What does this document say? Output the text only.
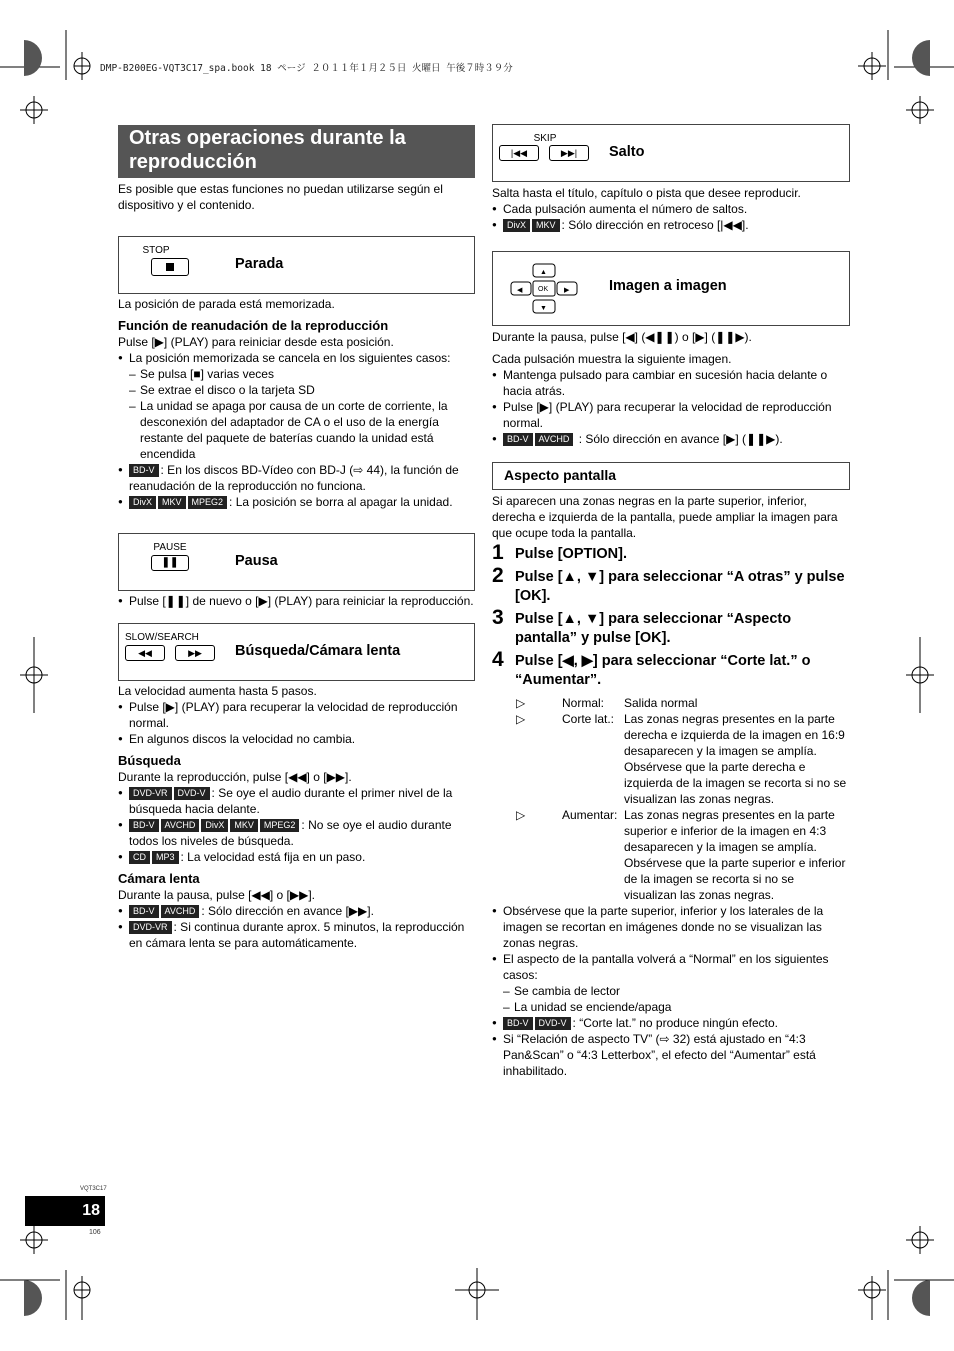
DMP-B200EG-VQT3C17_spa.book 18 ページ ２０１１年１月２５日 火曜日 午後７時３９分
Otras operaciones durante la reproducción

Es posible que estas funciones no puedan utilizarse según el dispositivo y el contenido.

STOP
Parada

La posición de parada está memorizada.

Función de reanudación de la reproducción

Pulse [▶] (PLAY) para reiniciar desde esta posición.

● La posición memorizada se cancela en los siguientes casos:
– Se pulsa [■] varias veces
– Se extrae el disco o la tarjeta SD
– La unidad se apaga por causa de un corte de corriente, la desconexión del adaptador de CA o el uso de la energía restante del paquete de baterías cuando la unidad está encendida
● BD-V : En los discos BD-Vídeo con BD-J (⇨ 44), la función de reanudación de la reproducción no funciona.
● DivX MKV MPEG2 : La posición se borra al apagar la unidad.
PAUSE
❚❚	Pausa
● Pulse [❚❚] de nuevo o [▶] (PLAY) para reiniciar la reproducción.
SLOW/SEARCH
◀◀	▶▶	Búsqueda/Cámara lenta

La velocidad aumenta hasta 5 pasos.

● Pulse [▶] (PLAY) para recuperar la velocidad de reproducción normal.
● En algunos discos la velocidad no cambia.
Búsqueda

Durante la reproducción, pulse [◀◀] o [▶▶].

● DVD-VR DVD-V : Se oye el audio durante el primer nivel de la búsqueda hacia delante.
● BD-V AVCHD DivX MKV MPEG2 : No se oye el audio durante todos los niveles de búsqueda.
● CD MP3 : La velocidad está fija en un paso.
Cámara lenta

Durante la pausa, pulse [◀◀] o [▶▶].

● BD-V AVCHD : Sólo dirección en avance [▶▶].
● DVD-VR : Si continua durante aprox. 5 minutos, la reproducción en cámara lenta se para automáticamente.
SKIP
|◀◀	▶▶|	Salto

Salta hasta el título, capítulo o pista que desee reproducir.

● Cada pulsación aumenta el número de saltos.
● DivX MKV : Sólo dirección en retroceso [|◀◀].
▲
▼
◀	▶
OK	Imagen a imagen

Durante la pausa, pulse [◀] (◀❚❚) o [▶] (❚❚▶).

Cada pulsación muestra la siguiente imagen.

● Mantenga pulsado para cambiar en sucesión hacia delante o hacia atrás.
● Pulse [▶] (PLAY) para recuperar la velocidad de reproducción normal.
● BD-V AVCHD : Sólo dirección en avance [▶] (❚❚▶).
Aspecto pantalla

Si aparecen una zonas negras en la parte superior, inferior, derecha e izquierda de la pantalla, puede ampliar la imagen para que ocupe toda la pantalla.

1 Pulse [OPTION].
2 Pulse [▲, ▼] para seleccionar “A otras” y pulse [OK].
3 Pulse [▲, ▼] para seleccionar “Aspecto pantalla” y pulse [OK].
4 Pulse [◀, ▶] para seleccionar “Corte lat.” o “Aumentar”.
▷	Normal:	Salida normal
▷	Corte lat.: Las zonas negras presentes en la parte derecha e izquierda de la imagen en 16:9 desaparecen y la imagen se amplía. Obsérvese que la parte derecha e izquierda de la imagen se recorta si no se visualizan las zonas negras.
▷	Aumentar: Las zonas negras presentes en la parte superior e inferior de la imagen en 4:3 desaparecen y la imagen se amplía. Obsérvese que la parte superior e inferior de la imagen se recorta si no se visualizan las zonas negras.
● Obsérvese que la parte superior, inferior y los laterales de la imagen se recortan en imágenes donde no se visualizan las zonas negras.
● El aspecto de la pantalla volverá a “Normal” en los siguientes casos:
– Se cambia de lector
– La unidad se enciende/apaga
● BD-V DVD-V : “Corte lat.” no produce ningún efecto.
● Si “Relación de aspecto TV” (⇨ 32) está ajustado en “4:3 Pan&Scan” o “4:3 Letterbox”, el efecto del “Aumentar” está inhabilitado.
VQT3C17
18
106
